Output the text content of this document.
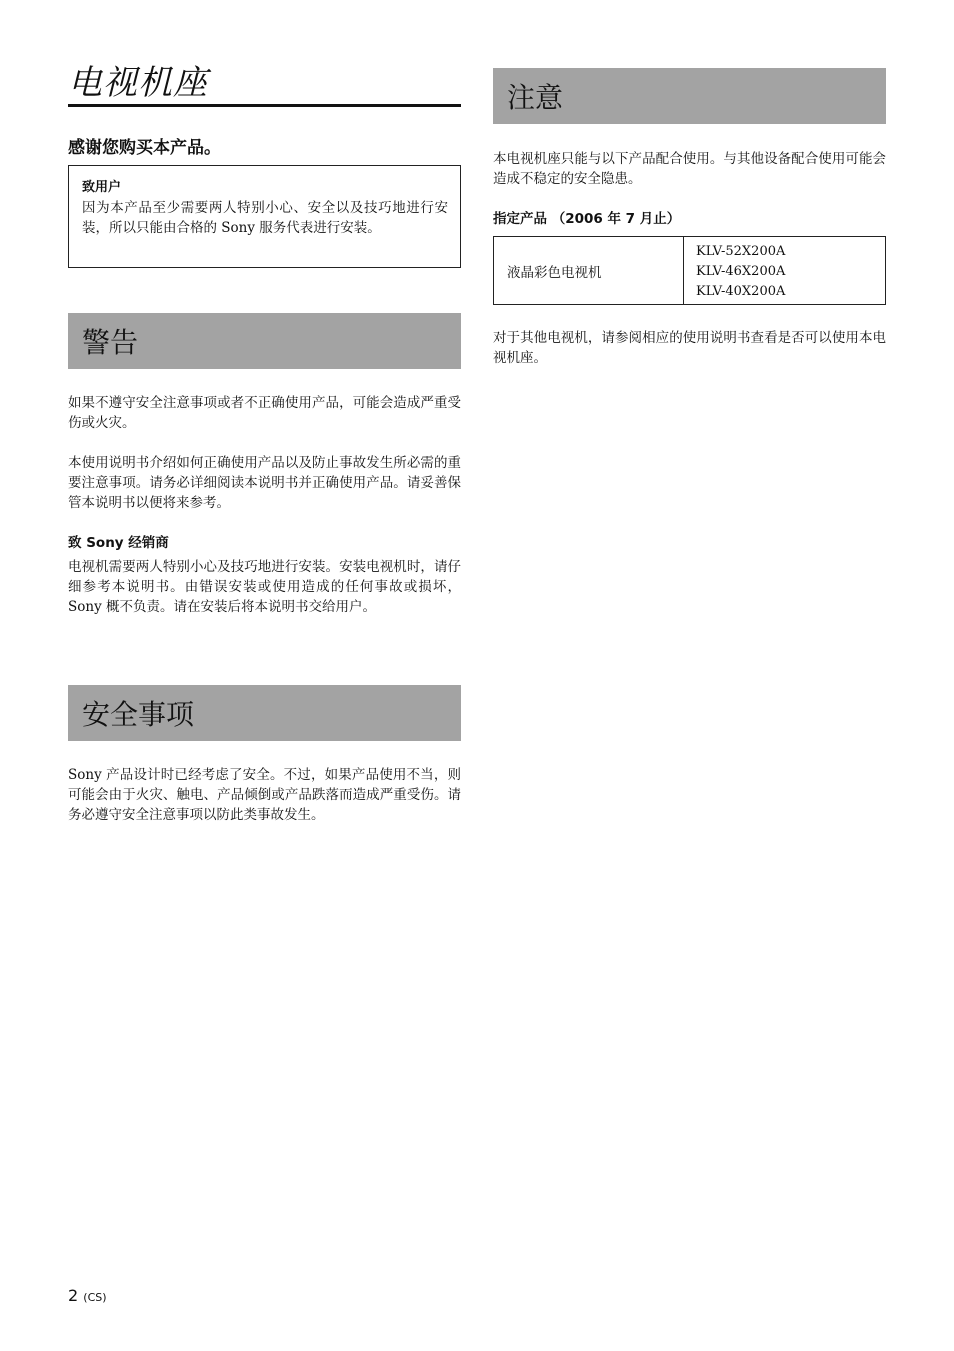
电视机座
感谢您购买本产品。
致用户

因为本产品至少需要两人特别小心、安全以及技巧地进行安装，所以只能由合格的 Sony 服务代表进行安装。

警告

如果不遵守安全注意事项或者不正确使用产品，可能会造成严重受伤或火灾。

本使用说明书介绍如何正确使用产品以及防止事故发生所必需的重要注意事项。请务必详细阅读本说明书并正确使用产品。请妥善保管本说明书以便将来参考。

致 Sony 经销商

电视机需要两人特别小心及技巧地进行安装。安装电视机时，请仔细参考本说明书。由错误安装或使用造成的任何事故或损坏，Sony 概不负责。请在安装后将本说明书交给用户。

安全事项

Sony 产品设计时已经考虑了安全。不过，如果产品使用不当，则可能会由于火灾、触电、产品倾倒或产品跌落而造成严重受伤。请务必遵守安全注意事项以防此类事故发生。

注意

本电视机座只能与以下产品配合使用。与其他设备配合使用可能会造成不稳定的安全隐患。

指定产品 （2006 年 7 月止）
液晶彩色电视机
KLV-52X200A
KLV-46X200A
KLV-40X200A

对于其他电视机，请参阅相应的使用说明书查看是否可以使用本电视机座。

2 (CS)
